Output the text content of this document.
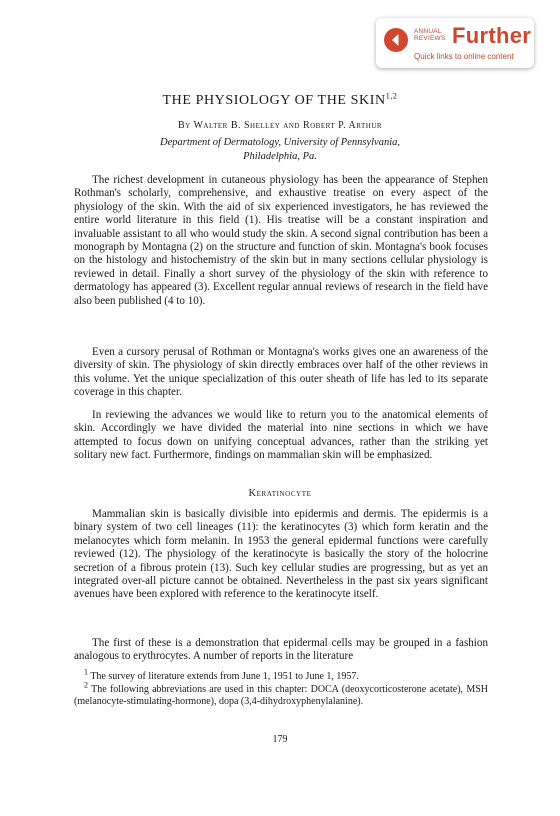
ANNUAL
REVIEWS Further
Quick links to online content
THE PHYSIOLOGY OF THE SKIN$^{1,2}$
By Walter B. Shelley and Robert P. Arthur
Department of Dermatology, University of Pennsylvania,
Philadelphia, Pa.

The richest development in cutaneous physiology has been the appearance of Stephen Rothman's scholarly, comprehensive, and exhaustive treatise on every aspect of the physiology of the skin. With the aid of six experienced investigators, he has reviewed the entire world literature in this field (1). His treatise will be a constant inspiration and invaluable assistant to all who would study the skin. A second signal contribution has been a monograph by Montagna (2) on the structure and function of skin. Montagna's book focuses on the histology and histochemistry of the skin but in many sections cellular physiology is reviewed in detail. Finally a short survey of the physiology of the skin with reference to dermatology has appeared (3). Excellent regular annual reviews of research in the field have also been published (4 to 10).

Even a cursory perusal of Rothman or Montagna's works gives one an awareness of the diversity of skin. The physiology of skin directly embraces over half of the other reviews in this volume. Yet the unique specialization of this outer sheath of life has led to its separate coverage in this chapter.

In reviewing the advances we would like to return you to the anatomical elements of skin. Accordingly we have divided the material into nine sections in which we have attempted to focus down on unifying conceptual advances, rather than the striking yet solitary new fact. Furthermore, findings on mammalian skin will be emphasized.

Keratinocyte

Mammalian skin is basically divisible into epidermis and dermis. The epidermis is a binary system of two cell lineages (11): the keratinocytes (3) which form keratin and the melanocytes which form melanin. In 1953 the general epidermal functions were carefully reviewed (12). The physiology of the keratinocyte is basically the story of the holocrine secretion of a fibrous protein (13). Such key cellular studies are progressing, but as yet an integrated over-all picture cannot be obtained. Nevertheless in the past six years significant avenues have been explored with reference to the keratinocyte itself.

The first of these is a demonstration that epidermal cells may be grouped in a fashion analogous to erythrocytes. A number of reports in the literature

$^1$ The survey of literature extends from June 1, 1951 to June 1, 1957.

$^2$ The following abbreviations are used in this chapter: DOCA (deoxycorticosterone acetate), MSH (melanocyte-stimulating-hormone), dopa (3,4-dihydroxyphenylalanine).

179
